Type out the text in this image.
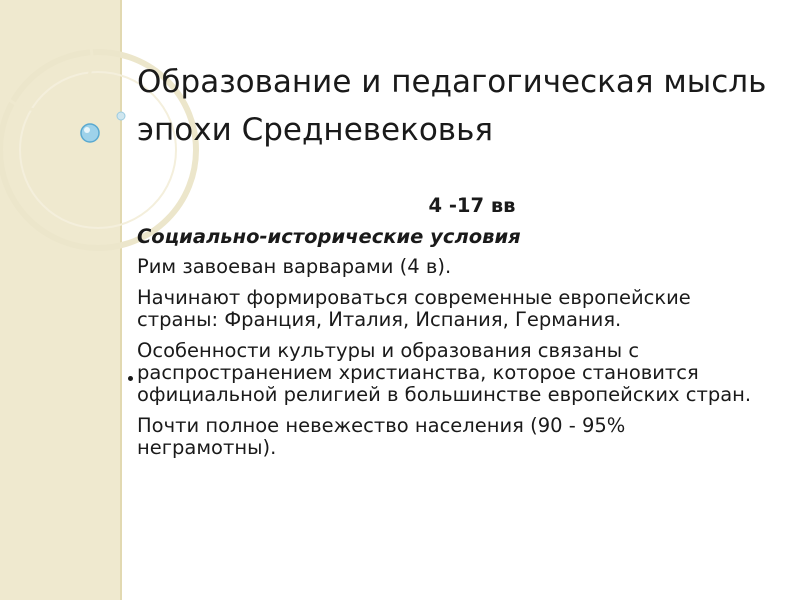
Образование и педагогическая мысль эпохи Средневековья
4 -17 вв
Социально-исторические условия
Рим завоеван варварами (4 в).
Начинают формироваться современные европейские страны: Франция, Италия, Испания, Германия.
Особенности культуры и образования связаны с распространением христианства, которое становится официальной религией в большинстве европейских стран.
Почти полное невежество населения (90 - 95% неграмотны).
